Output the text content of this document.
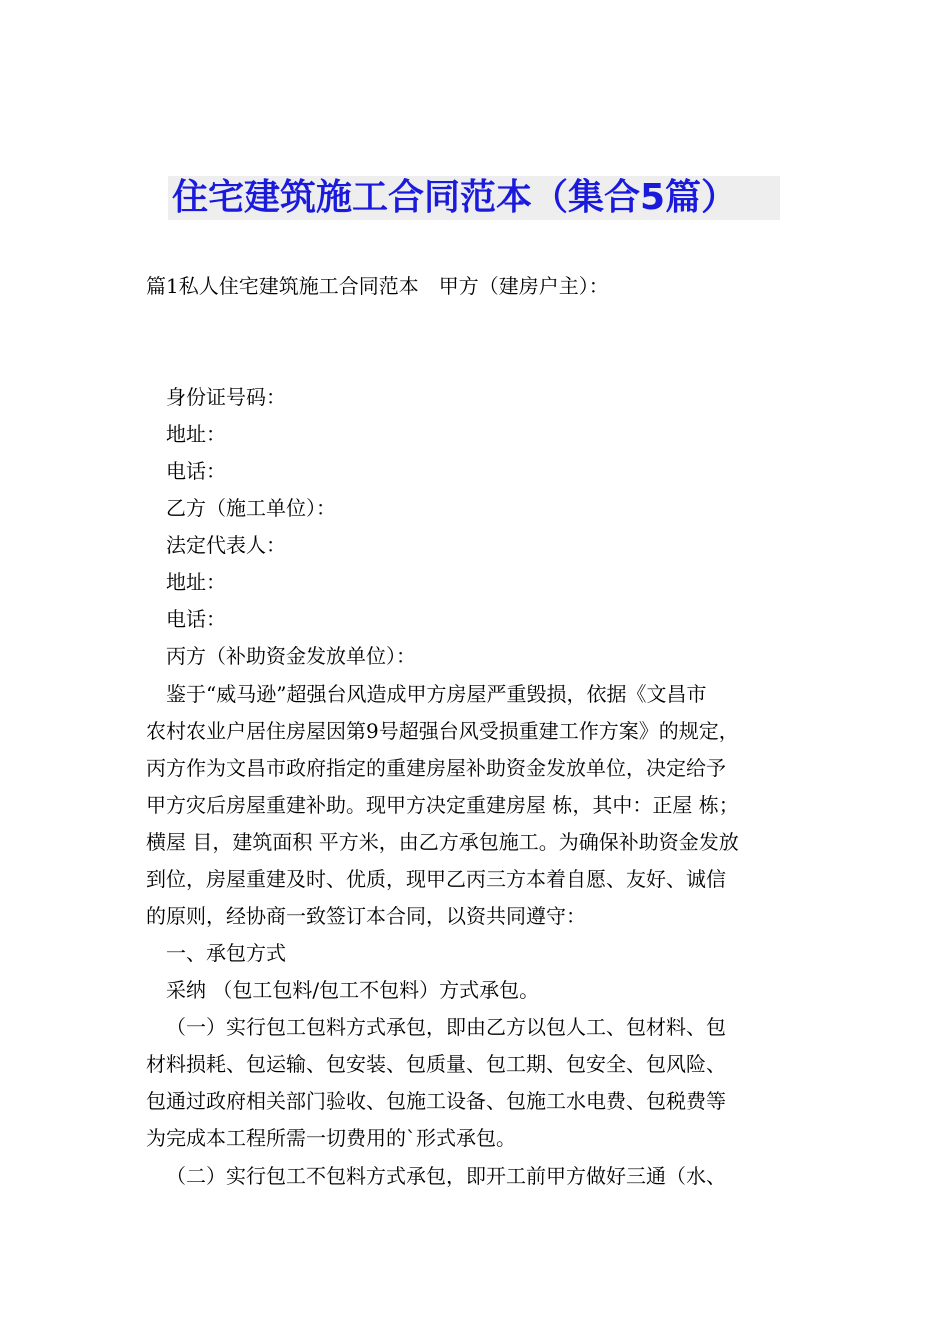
住宅建筑施工合同范本（集合5篇）
篇1私人住宅建筑施工合同范本　甲方（建房户主）：
身份证号码：
地址：
电话：
乙方（施工单位）：
法定代表人：
地址：
电话：
丙方（补助资金发放单位）：
鉴于“威马逊”超强台风造成甲方房屋严重毁损，依据《文昌市
农村农业户居住房屋因第9号超强台风受损重建工作方案》的规定，
丙方作为文昌市政府指定的重建房屋补助资金发放单位，决定给予
甲方灾后房屋重建补助。现甲方决定重建房屋 栋，其中：正屋 栋；
横屋 目，建筑面积 平方米，由乙方承包施工。为确保补助资金发放
到位，房屋重建及时、优质，现甲乙丙三方本着自愿、友好、诚信
的原则，经协商一致签订本合同，以资共同遵守：
一、承包方式
采纳 （包工包料/包工不包料）方式承包。
（一）实行包工包料方式承包，即由乙方以包人工、包材料、包
材料损耗、包运输、包安装、包质量、包工期、包安全、包风险、
包通过政府相关部门验收、包施工设备、包施工水电费、包税费等
为完成本工程所需一切费用的`形式承包。
（二）实行包工不包料方式承包，即开工前甲方做好三通（水、
